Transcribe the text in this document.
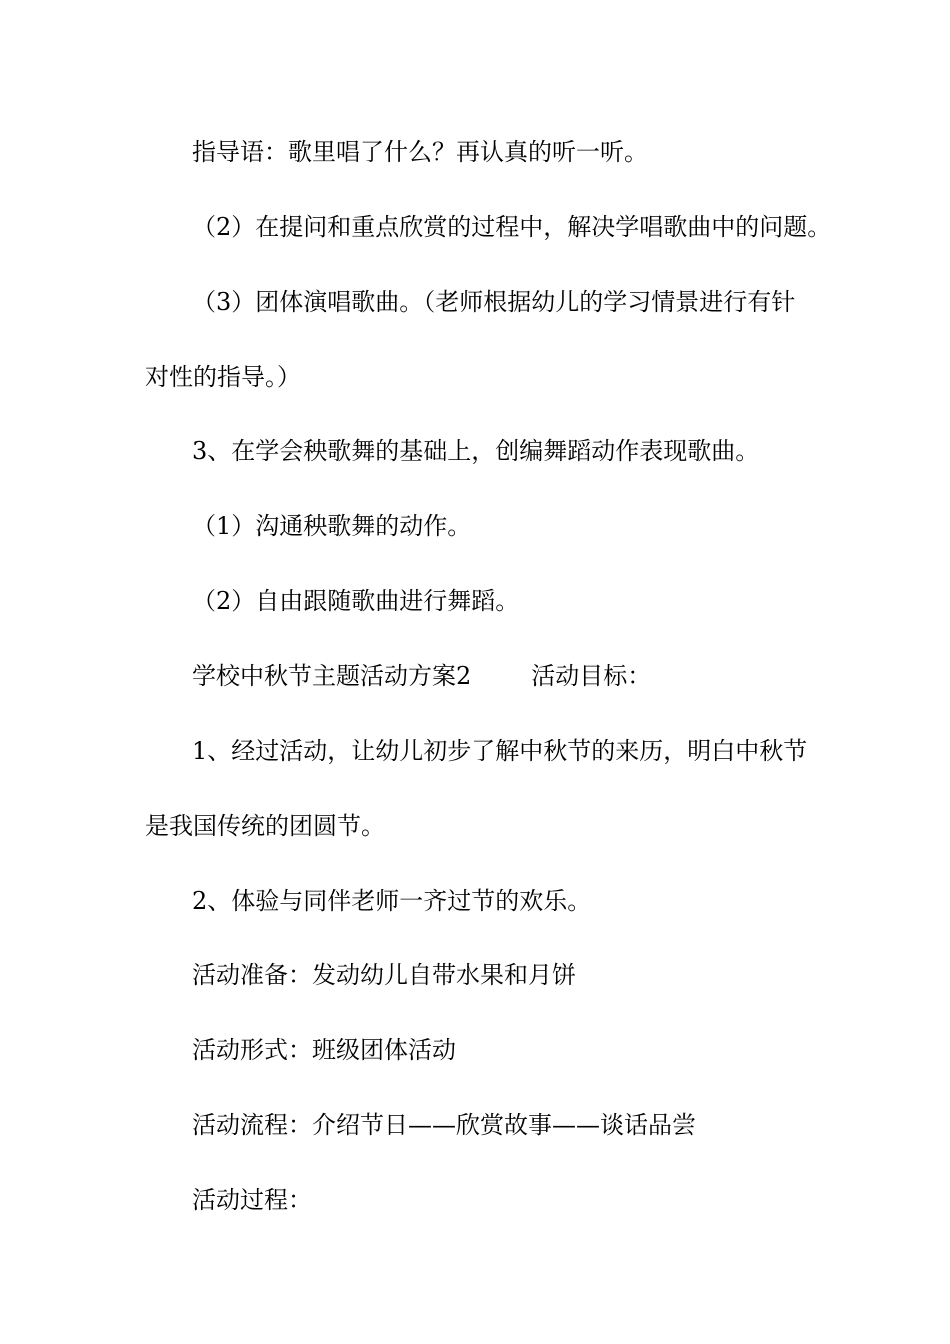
指导语：歌里唱了什么？再认真的听一听。
（2）在提问和重点欣赏的过程中，解决学唱歌曲中的问题。
（3）团体演唱歌曲。（老师根据幼儿的学习情景进行有针
对性的指导。）
3、在学会秧歌舞的基础上，创编舞蹈动作表现歌曲。
（1）沟通秧歌舞的动作。
（2）自由跟随歌曲进行舞蹈。
学校中秋节主题活动方案2	活动目标：
1、经过活动，让幼儿初步了解中秋节的来历，明白中秋节
是我国传统的团圆节。
2、体验与同伴老师一齐过节的欢乐。
活动准备：发动幼儿自带水果和月饼
活动形式：班级团体活动
活动流程：介绍节日——欣赏故事——谈话品尝
活动过程：
